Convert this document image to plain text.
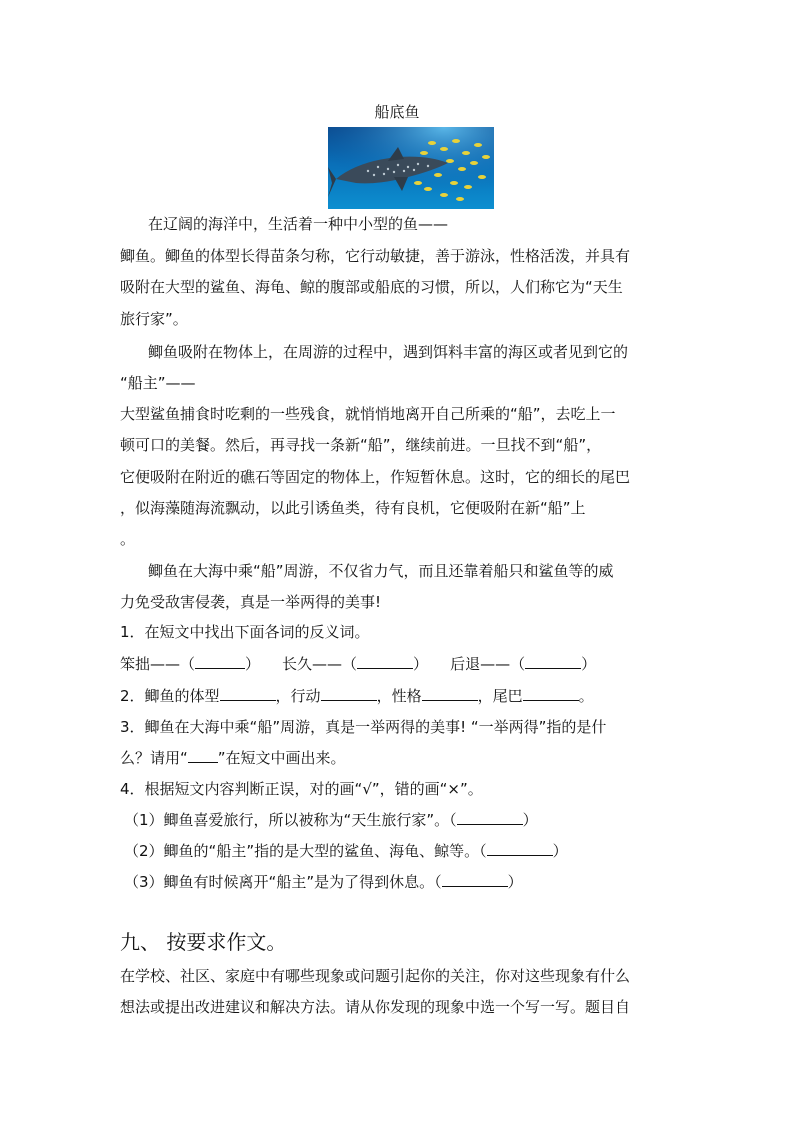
船底鱼
在辽阔的海洋中，生活着一种中小型的鱼——
鲫鱼。鲫鱼的体型长得苗条匀称，它行动敏捷，善于游泳，性格活泼，并具有
吸附在大型的鲨鱼、海龟、鲸的腹部或船底的习惯，所以，人们称它为“天生
旅行家”。
鲫鱼吸附在物体上，在周游的过程中，遇到饵料丰富的海区或者见到它的
“船主”——
大型鲨鱼捕食时吃剩的一些残食，就悄悄地离开自己所乘的“船”，去吃上一
顿可口的美餐。然后，再寻找一条新“船”，继续前进。一旦找不到“船”，
它便吸附在附近的礁石等固定的物体上，作短暂休息。这时，它的细长的尾巴
，似海藻随海流飘动，以此引诱鱼类，待有良机，它便吸附在新“船”上
。
鲫鱼在大海中乘“船”周游，不仅省力气，而且还靠着船只和鲨鱼等的威
力免受敌害侵袭，真是一举两得的美事!
1．在短文中找出下面各词的反义词。
笨拙——（	） 长久——（	） 后退——（	）
2．鲫鱼的体型	，行动	，性格	，尾巴	。
3．鲫鱼在大海中乘“船”周游，真是一举两得的美事! “一举两得”指的是什
么？请用“ ”在短文中画出来。
4．根据短文内容判断正误，对的画“√”，错的画“×”。
（1）鲫鱼喜爱旅行，所以被称为“天生旅行家”。（	）
（2）鲫鱼的“船主”指的是大型的鲨鱼、海龟、鲸等。（	）
（3）鲫鱼有时候离开“船主”是为了得到休息。（	）
九、 按要求作文。
在学校、社区、家庭中有哪些现象或问题引起你的关注，你对这些现象有什么
想法或提出改进建议和解决方法。请从你发现的现象中选一个写一写。题目自
